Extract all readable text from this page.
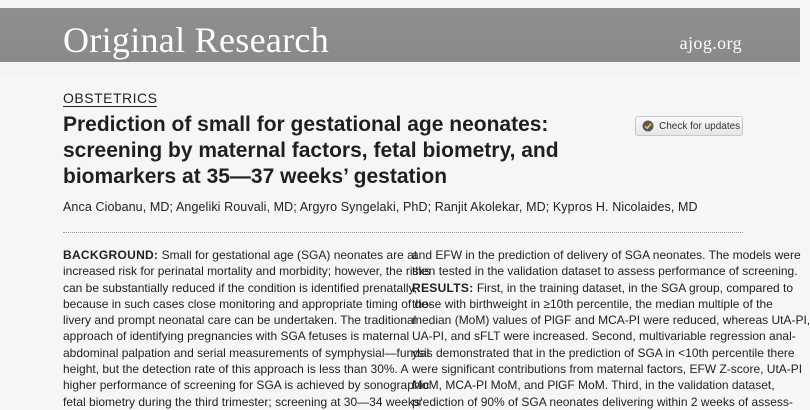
Original Research	ajog.org
OBSTETRICS
Prediction of small for gestational age neonates:
screening by maternal factors, fetal biometry, and
biomarkers at 35—37 weeks’ gestation
Check for updates
Anca Ciobanu, MD; Angeliki Rouvali, MD; Argyro Syngelaki, PhD; Ranjit Akolekar, MD; Kypros H. Nicolaides, MD
BACKGROUND: Small for gestational age (SGA) neonates are at
increased risk for perinatal mortality and morbidity; however, the risks
can be substantially reduced if the condition is identified prenatally,
because in such cases close monitoring and appropriate timing of de-
livery and prompt neonatal care can be undertaken. The traditional
approach of identifying pregnancies with SGA fetuses is maternal
abdominal palpation and serial measurements of symphysial—fundal
height, but the detection rate of this approach is less than 30%. A
higher performance of screening for SGA is achieved by sonographic
fetal biometry during the third trimester; screening at 30—34 weeks’
and EFW in the prediction of delivery of SGA neonates. The models were
then tested in the validation dataset to assess performance of screening.
RESULTS: First, in the training dataset, in the SGA group, compared to
those with birthweight in ≥10th percentile, the median multiple of the
median (MoM) values of PlGF and MCA-PI were reduced, whereas UtA-PI,
UA-PI, and sFLT were increased. Second, multivariable regression anal-
ysis demonstrated that in the prediction of SGA in <10th percentile there
were significant contributions from maternal factors, EFW Z-score, UtA-PI
MoM, MCA-PI MoM, and PlGF MoM. Third, in the validation dataset,
prediction of 90% of SGA neonates delivering within 2 weeks of assess-
